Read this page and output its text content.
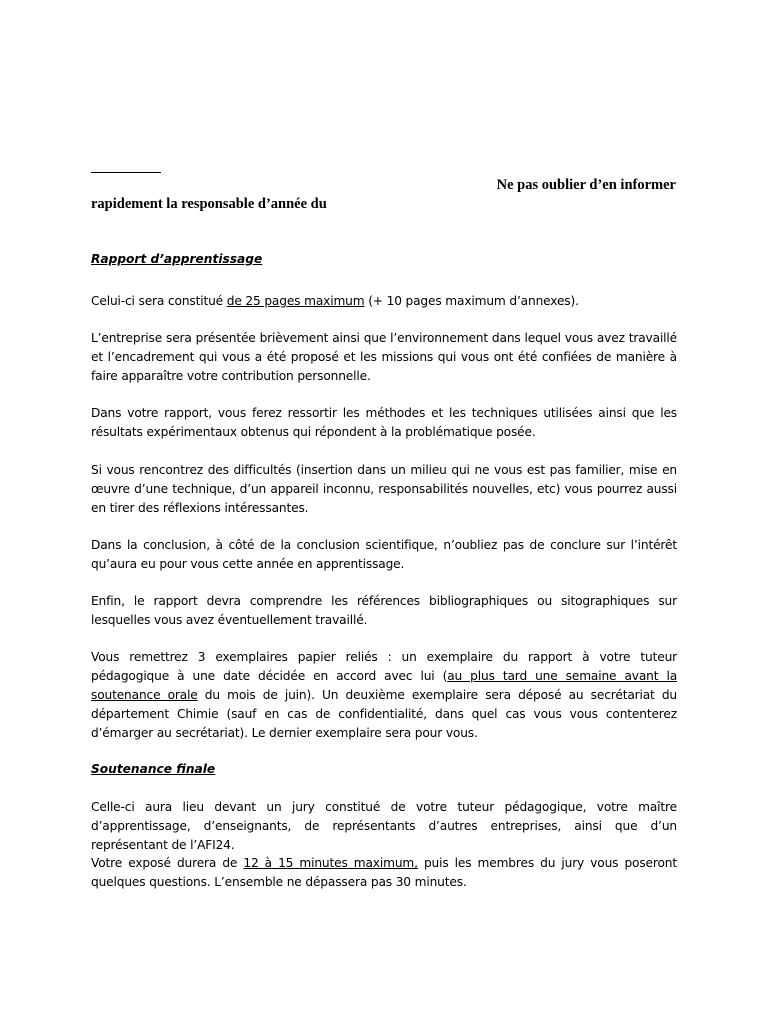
Ne pas oublier d’en informer
rapidement la responsable d’année du
Rapport d’apprentissage

Celui-ci sera constitué de 25 pages maximum (+ 10 pages maximum d’annexes).

L’entreprise sera présentée brièvement ainsi que l’environnement dans lequel vous avez travaillé et l’encadrement qui vous a été proposé et les missions qui vous ont été confiées de manière à faire apparaître votre contribution personnelle.

Dans votre rapport, vous ferez ressortir les méthodes et les techniques utilisées ainsi que les résultats expérimentaux obtenus qui répondent à la problématique posée.

Si vous rencontrez des difficultés (insertion dans un milieu qui ne vous est pas familier, mise en œuvre d’une technique, d’un appareil inconnu, responsabilités nouvelles, etc) vous pourrez aussi en tirer des réflexions intéressantes.

Dans la conclusion, à côté de la conclusion scientifique, n’oubliez pas de conclure sur l’intérêt qu’aura eu pour vous cette année en apprentissage.

Enfin, le rapport devra comprendre les références bibliographiques ou sitographiques sur lesquelles vous avez éventuellement travaillé.

Vous remettrez 3 exemplaires papier reliés : un exemplaire du rapport à votre tuteur pédagogique à une date décidée en accord avec lui (au plus tard une semaine avant la soutenance orale du mois de juin). Un deuxième exemplaire sera déposé au secrétariat du département Chimie (sauf en cas de confidentialité, dans quel cas vous vous contenterez d’émarger au secrétariat). Le dernier exemplaire sera pour vous.

Soutenance finale

Celle-ci aura lieu devant un jury constitué de votre tuteur pédagogique, votre maître d’apprentissage, d’enseignants, de représentants d’autres entreprises, ainsi que d’un représentant de l’AFI24.

Votre exposé durera de 12 à 15 minutes maximum, puis les membres du jury vous poseront quelques questions. L’ensemble ne dépassera pas 30 minutes.
